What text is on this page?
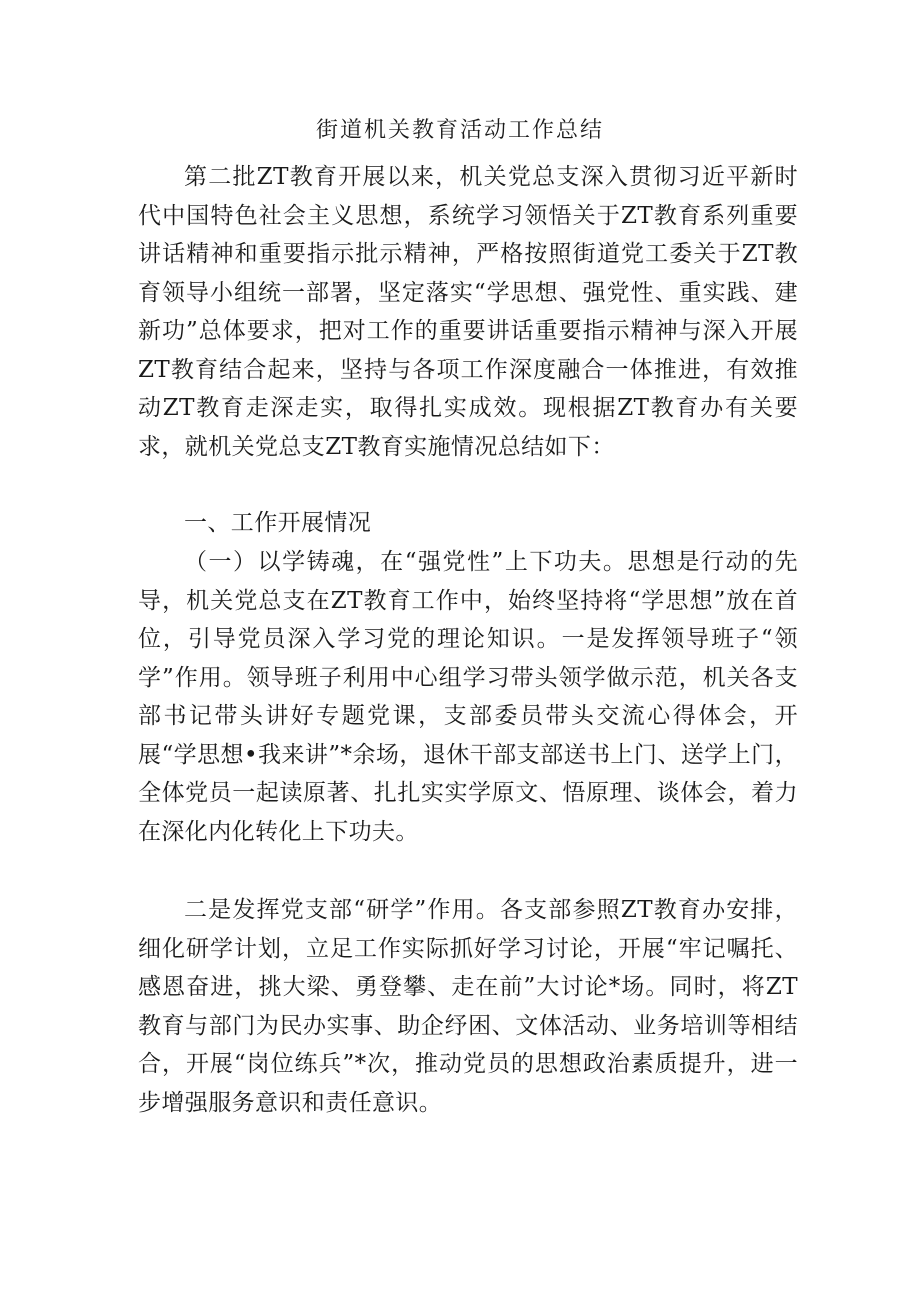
街道机关教育活动工作总结
第二批ZT教育开展以来，机关党总支深入贯彻习近平新时代中国特色社会主义思想，系统学习领悟关于ZT教育系列重要讲话精神和重要指示批示精神，严格按照街道党工委关于ZT教育领导小组统一部署，坚定落实“学思想、强党性、重实践、建新功”总体要求，把对工作的重要讲话重要指示精神与深入开展ZT教育结合起来，坚持与各项工作深度融合一体推进，有效推动ZT教育走深走实，取得扎实成效。现根据ZT教育办有关要求，就机关党总支ZT教育实施情况总结如下：
一、工作开展情况
（一）以学铸魂，在“强党性”上下功夫。思想是行动的先导，机关党总支在ZT教育工作中，始终坚持将“学思想”放在首位，引导党员深入学习党的理论知识。一是发挥领导班子“领学”作用。领导班子利用中心组学习带头领学做示范，机关各支部书记带头讲好专题党课，支部委员带头交流心得体会，开展“学思想•我来讲”*余场，退休干部支部送书上门、送学上门，全体党员一起读原著、扎扎实实学原文、悟原理、谈体会，着力在深化内化转化上下功夫。
二是发挥党支部“研学”作用。各支部参照ZT教育办安排，细化研学计划，立足工作实际抓好学习讨论，开展“牢记嘱托、感恩奋进，挑大梁、勇登攀、走在前”大讨论*场。同时，将ZT教育与部门为民办实事、助企纾困、文体活动、业务培训等相结合，开展“岗位练兵”*次，推动党员的思想政治素质提升，进一步增强服务意识和责任意识。
